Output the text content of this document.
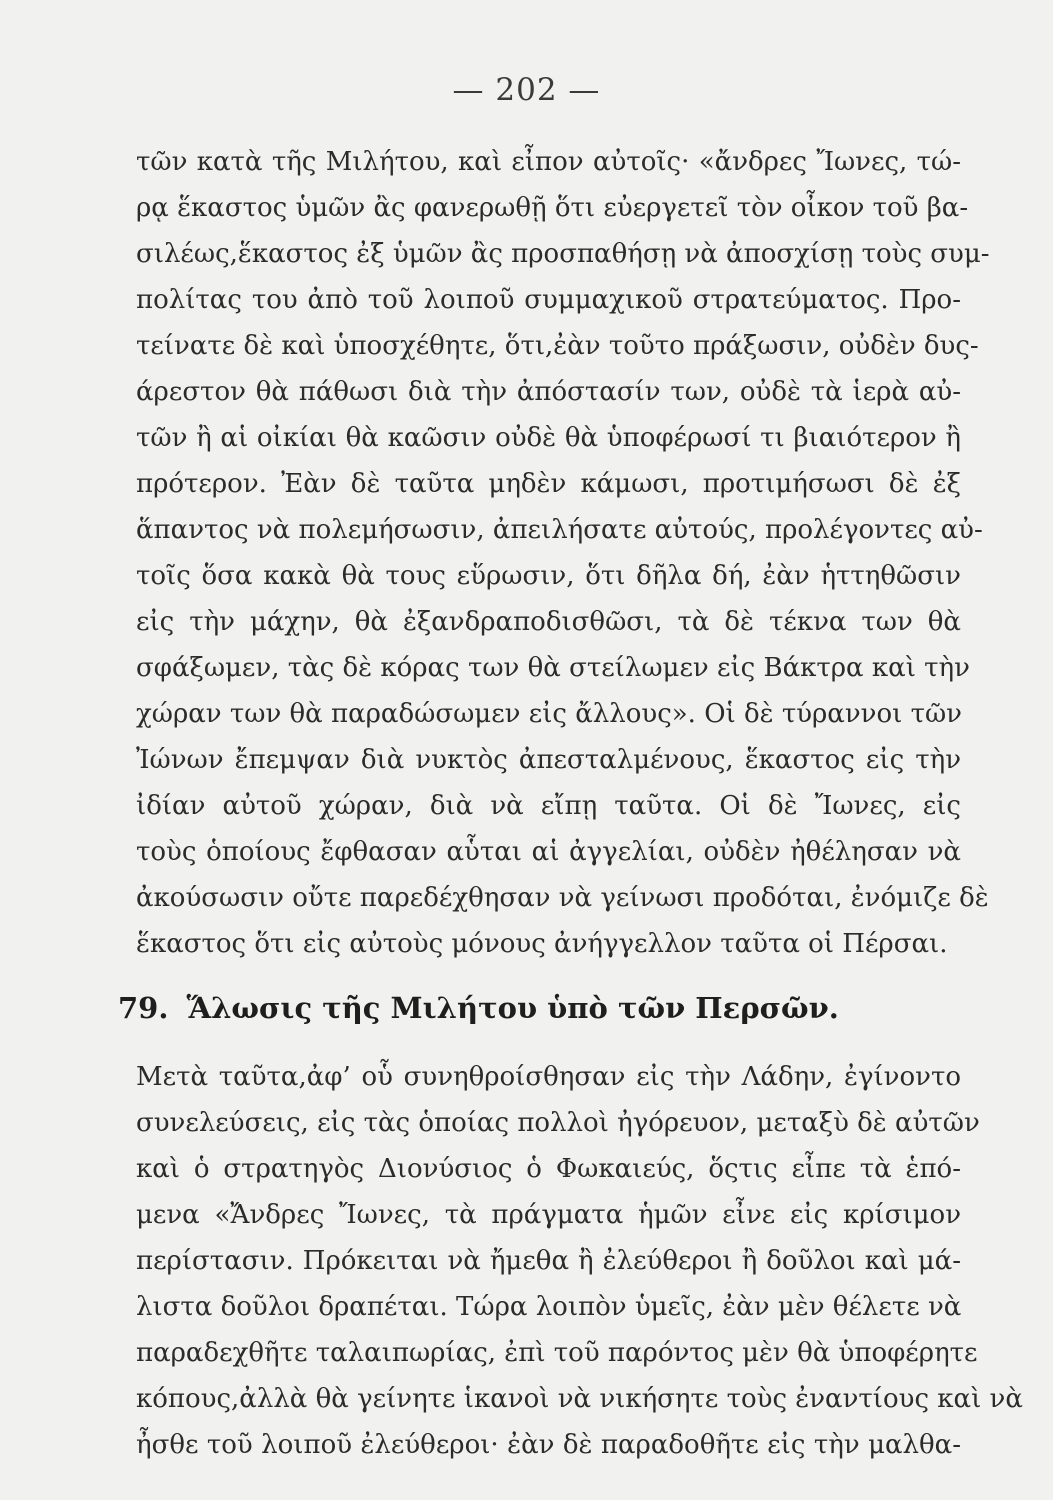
— 202 —
τῶν κατὰ τῆς Μιλήτου, καὶ εἶπον αὐτοῖς· «ἄνδρες Ἴωνες, τώ-
ρᾳ ἕκαστος ὑμῶν ἂς φανερωθῇ ὅτι εὐεργετεῖ τὸν οἶκον τοῦ βα-
σιλέως,ἕκαστος ἐξ ὑμῶν ἂς προσπαθήσῃ νὰ ἀποσχίσῃ τοὺς συμ-
πολίτας του ἀπὸ τοῦ λοιποῦ συμμαχικοῦ στρατεύματος. Προ-
τείνατε δὲ καὶ ὑποσχέθητε, ὅτι,ἐὰν τοῦτο πράξωσιν, οὐδὲν δυς-
άρεστον θὰ πάθωσι διὰ τὴν ἀπόστασίν των, οὐδὲ τὰ ἱερὰ αὐ-
τῶν ἢ αἱ οἰκίαι θὰ καῶσιν οὐδὲ θὰ ὑποφέρωσί τι βιαιότερον ἢ
πρότερον. Ἐὰν δὲ ταῦτα μηδὲν κάμωσι, προτιμήσωσι δὲ ἐξ
ἅπαντος νὰ πολεμήσωσιν, ἀπειλήσατε αὐτούς, προλέγοντες αὐ-
τοῖς ὅσα κακὰ θὰ τους εὕρωσιν, ὅτι δῆλα δή, ἐὰν ἡττηθῶσιν
εἰς τὴν μάχην, θὰ ἐξανδραποδισθῶσι, τὰ δὲ τέκνα των θὰ
σφάξωμεν, τὰς δὲ κόρας των θὰ στείλωμεν εἰς Βάκτρα καὶ τὴν
χώραν των θὰ παραδώσωμεν εἰς ἄλλους». Οἱ δὲ τύραννοι τῶν
Ἰώνων ἔπεμψαν διὰ νυκτὸς ἀπεσταλμένους, ἕκαστος εἰς τὴν
ἰδίαν αὐτοῦ χώραν, διὰ νὰ εἴπῃ ταῦτα. Οἱ δὲ Ἴωνες, εἰς
τοὺς ὁποίους ἔφθασαν αὗται αἱ ἀγγελίαι, οὐδὲν ἠθέλησαν νὰ
ἀκούσωσιν οὔτε παρεδέχθησαν νὰ γείνωσι προδόται, ἐνόμιζε δὲ
ἕκαστος ὅτι εἰς αὐτοὺς μόνους ἀνήγγελλον ταῦτα οἱ Πέρσαι.
79. Ἅλωσις τῆς Μιλήτου ὑπὸ τῶν Περσῶν.
Μετὰ ταῦτα,ἀφ’ οὗ συνηθροίσθησαν εἰς τὴν Λάδην, ἐγίνοντο
συνελεύσεις, εἰς τὰς ὁποίας πολλοὶ ἠγόρευον, μεταξὺ δὲ αὐτῶν
καὶ ὁ στρατηγὸς Διονύσιος ὁ Φωκαιεύς, ὅςτις εἶπε τὰ ἑπό-
μενα «Ἄνδρες Ἴωνες, τὰ πράγματα ἡμῶν εἶνε εἰς κρίσιμον
περίστασιν. Πρόκειται νὰ ἤμεθα ἢ ἐλεύθεροι ἢ δοῦλοι καὶ μά-
λιστα δοῦλοι δραπέται. Τώρα λοιπὸν ὑμεῖς, ἐὰν μὲν θέλετε νὰ
παραδεχθῆτε ταλαιπωρίας, ἐπὶ τοῦ παρόντος μὲν θὰ ὑποφέρητε
κόπους,ἀλλὰ θὰ γείνητε ἱκανοὶ νὰ νικήσητε τοὺς ἐναντίους καὶ νὰ
ἦσθε τοῦ λοιποῦ ἐλεύθεροι· ἐὰν δὲ παραδοθῆτε εἰς τὴν μαλθα-
